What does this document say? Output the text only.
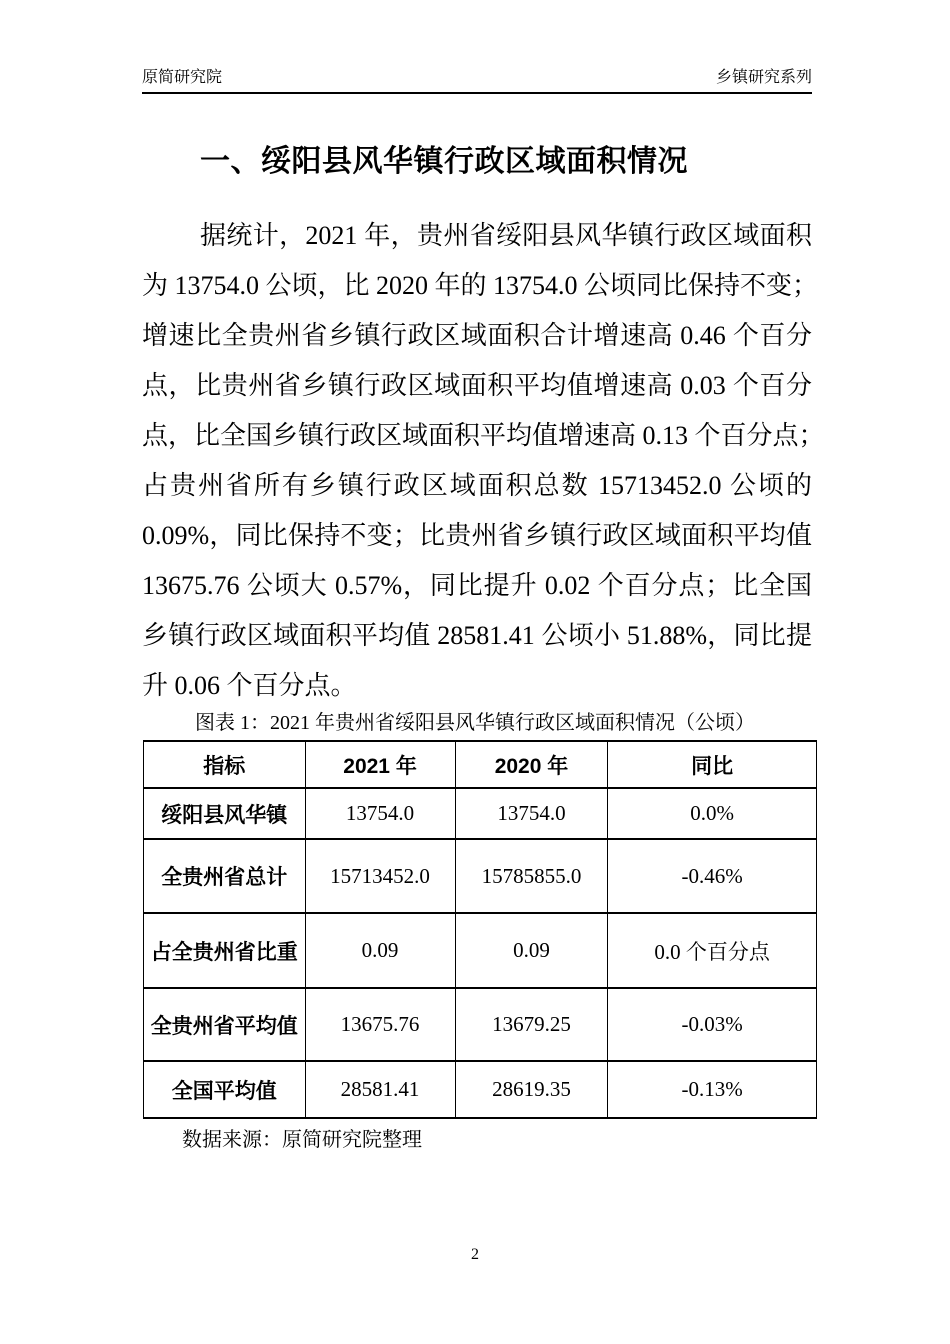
原简研究院	乡镇研究系列
一、绥阳县风华镇行政区域面积情况
据统计，2021 年，贵州省绥阳县风华镇行政区域面积
为 13754.0 公顷，比 2020 年的 13754.0 公顷同比保持不变；
增速比全贵州省乡镇行政区域面积合计增速高 0.46 个百分
点，比贵州省乡镇行政区域面积平均值增速高 0.03 个百分
点，比全国乡镇行政区域面积平均值增速高 0.13 个百分点；
占贵州省所有乡镇行政区域面积总数 15713452.0 公顷的
0.09%，同比保持不变；比贵州省乡镇行政区域面积平均值
13675.76 公顷大 0.57%，同比提升 0.02 个百分点；比全国
乡镇行政区域面积平均值 28581.41 公顷小 51.88%，同比提
升 0.06 个百分点。
图表 1：2021 年贵州省绥阳县风华镇行政区域面积情况（公顷）
指标	2021 年	2020 年	同比
绥阳县风华镇	13754.0	13754.0	0.0%
全贵州省总计	15713452.0	15785855.0	-0.46%
占全贵州省比重	0.09	0.09	0.0 个百分点
全贵州省平均值	13675.76	13679.25	-0.03%
全国平均值	28581.41	28619.35	-0.13%
数据来源：原简研究院整理
2
